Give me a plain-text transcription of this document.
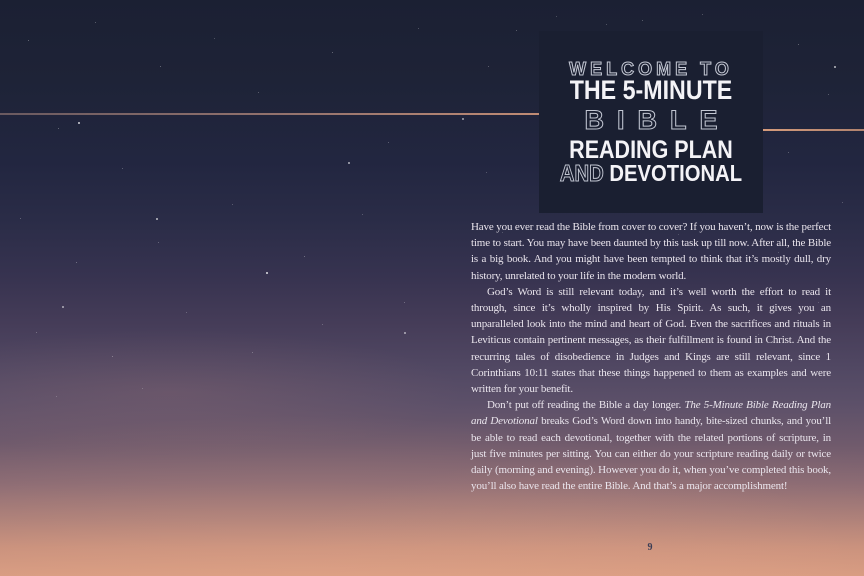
WELCOME TO
THE 5-MINUTE
BIBLE
READING PLAN
AND DEVOTIONAL

Have you ever read the Bible from cover to cover? If you haven’t, now is the perfect time to start. You may have been daunted by this task up till now. After all, the Bible is a big book. And you might have been tempted to think that it’s mostly dull, dry history, unrelated to your life in the modern world.

God’s Word is still relevant today, and it’s well worth the effort to read it through, since it’s wholly inspired by His Spirit. As such, it gives you an unparalleled look into the mind and heart of God. Even the sacrifices and rituals in Leviticus contain pertinent messages, as their fulfillment is found in Christ. And the recurring tales of disobedience in Judges and Kings are still relevant, since 1 Corinthians 10:11 states that these things happened to them as examples and were written for your benefit.

Don’t put off reading the Bible a day longer. The 5-Minute Bible Reading Plan and Devotional breaks God’s Word down into handy, bite-sized chunks, and you’ll be able to read each devotional, together with the related portions of scripture, in just five minutes per sitting. You can either do your scripture reading daily or twice daily (morning and evening). However you do it, when you’ve completed this book, you’ll also have read the entire Bible. And that’s a major accomplishment!

9
